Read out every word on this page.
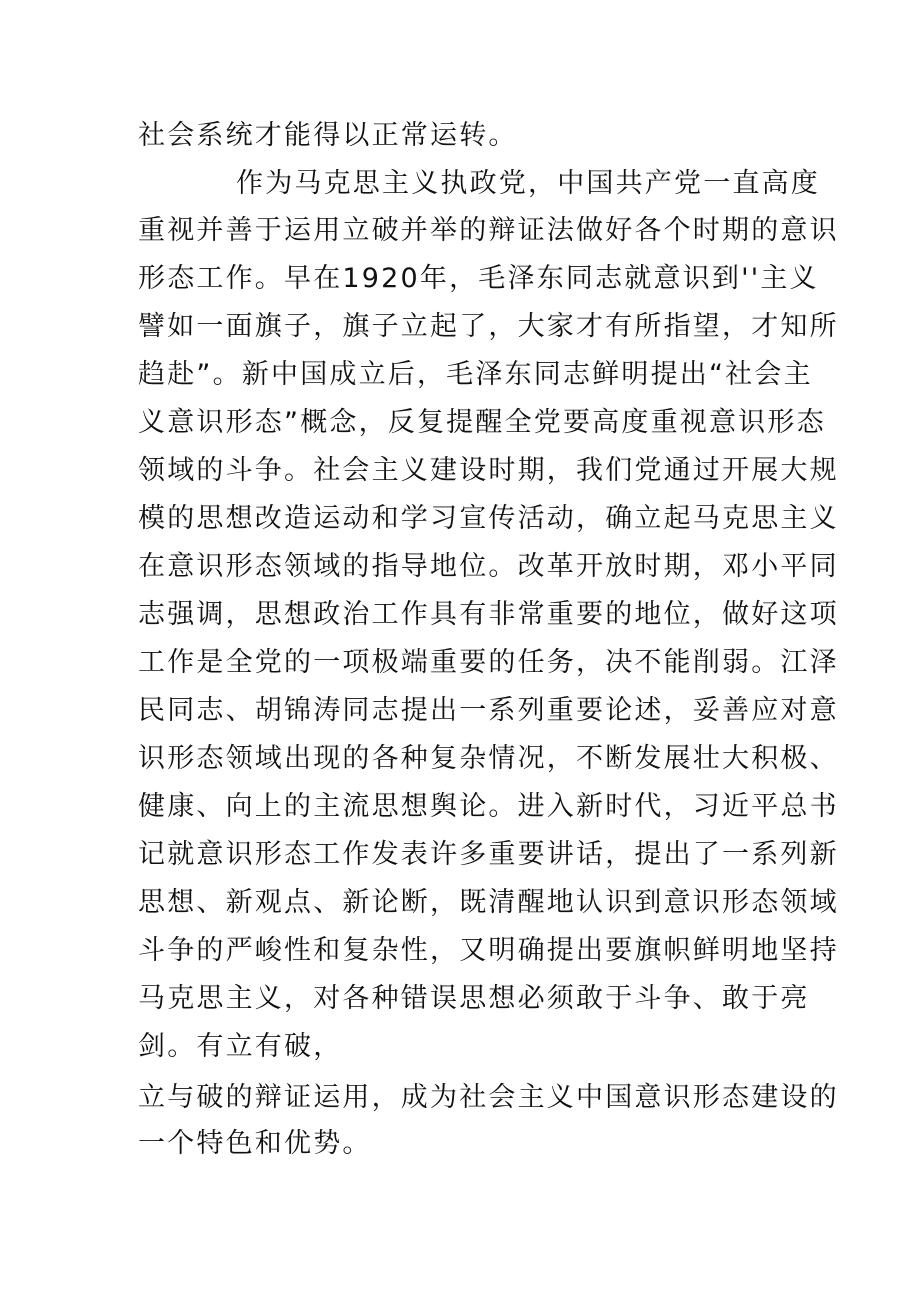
社会系统才能得以正常运转。
作为马克思主义执政党，中国共产党一直高度
重视并善于运用立破并举的辩证法做好各个时期的意识
形态工作。早在1920年，毛泽东同志就意识到''主义
譬如一面旗子，旗子立起了，大家才有所指望，才知所
趋赴”。新中国成立后，毛泽东同志鲜明提出“社会主
义意识形态”概念，反复提醒全党要高度重视意识形态
领域的斗争。社会主义建设时期，我们党通过开展大规
模的思想改造运动和学习宣传活动，确立起马克思主义
在意识形态领域的指导地位。改革开放时期，邓小平同
志强调，思想政治工作具有非常重要的地位，做好这项
工作是全党的一项极端重要的任务，决不能削弱。江泽
民同志、胡锦涛同志提出一系列重要论述，妥善应对意
识形态领域出现的各种复杂情况，不断发展壮大积极、
健康、向上的主流思想舆论。进入新时代，习近平总书
记就意识形态工作发表许多重要讲话，提出了一系列新
思想、新观点、新论断，既清醒地认识到意识形态领域
斗争的严峻性和复杂性，又明确提出要旗帜鲜明地坚持
马克思主义，对各种错误思想必须敢于斗争、敢于亮
剑。有立有破，
立与破的辩证运用，成为社会主义中国意识形态建设的
一个特色和优势。
